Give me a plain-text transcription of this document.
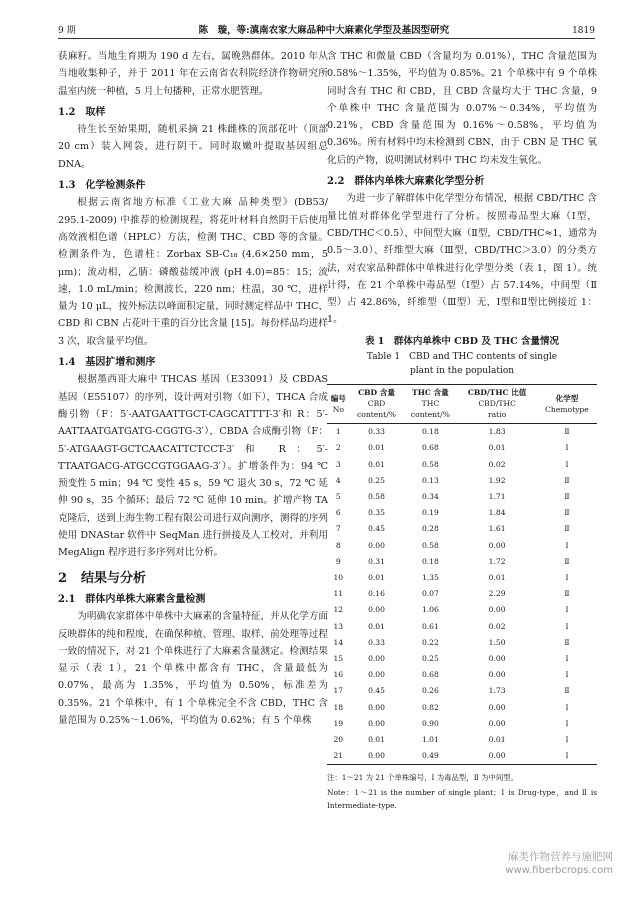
9 期	陈　璇，等:滇南农家大麻品种中大麻素化学型及基因型研究	1819

获麻籽。当地生育期为 190 d 左右，属晚熟群体。2010 年从当地收集种子，并于 2011 年在云南省农科院经济作物研究所温室内统一种植，5 月上旬播种，正常水肥管理。

1.2 取样

待生长至始果期，随机采摘 21 株雌株的顶部花叶（顶部 20 cm）装入网袋，进行阴干。同时取嫩叶提取基因组总 DNA。

1.3 化学检测条件

根据云南省地方标准《工业大麻 品种类型》(DB53/ 295.1-2009) 中推荐的检测规程，将花叶材料自然阴干后使用高效液相色谱（HPLC）方法，检测 THC、CBD 等的含量。检测条件为，色谱柱：Zorbax SB-C₁₈ (4.6×250 mm，5 μm)；流动相，乙腈：磷酸盐缓冲液 (pH 4.0)=85：15；流速，1.0 mL/min；检测波长，220 nm；柱温，30 ℃，进样量为 10 μL，按外标法以峰面积定量，同时测定样品中 THC、CBD 和 CBN 占花叶干重的百分比含量 [15]。每份样品均进样 3 次，取含量平均值。

1.4 基因扩增和测序

根据墨西哥大麻中 THCAS 基因（E33091）及 CBDAS 基因（E55107）的序列，设计两对引物（如下），THCA 合成酶引物（F：5′-AATGAATTGCT-CAGCATTTT-3′和 R：5′-AATTAATGATGATG-CGGTG-3′），CBDA 合成酶引物（F：5′-ATGAAGT-GCTCAACATTCTCCT-3′和 R：5′-TTAATGACG-ATGCCGTGGAAG-3′）。扩增条件为：94 ℃ 预变性 5 min；94 ℃ 变性 45 s，59 ℃ 退火 30 s，72 ℃ 延伸 90 s，35 个循环；最后 72 ℃ 延伸 10 min。扩增产物 TA 克隆后，送到上海生物工程有限公司进行双向测序，测得的序列使用 DNAStar 软件中 SeqMan 进行拼接及人工校对，并利用 MegAlign 程序进行多序列对比分析。

2 结果与分析
2.1 群体内单株大麻素含量检测

为明确农家群体中单株中大麻素的含量特征，并从化学方面反映群体的纯和程度，在确保种植、管理、取样、前处理等过程一致的情况下，对 21 个单株进行了大麻素含量测定。检测结果显示（表 1），21 个单株中都含有 THC，含量最低为 0.07%，最高为 1.35%，平均值为 0.50%，标准差为 0.35%。21 个单株中，有 1 个单株完全不含 CBD，THC 含量范围为 0.25%～1.06%，平均值为 0.62%；有 5 个单株

含 THC 和微量 CBD（含量均为 0.01%），THC 含量范围为 0.58%～1.35%，平均值为 0.85%。21 个单株中有 9 个单株同时含有 THC 和 CBD，且 CBD 含量均大于 THC 含量，9 个单株中 THC 含量范围为 0.07%～0.34%，平均值为 0.21%，CBD 含量范围为 0.16%～0.58%，平均值为 0.36%。所有材料中均未检测到 CBN，由于 CBN 是 THC 氧化后的产物，说明测试材料中 THC 均未发生氧化。

2.2 群体内单株大麻素化学型分析

为进一步了解群体中化学型分布情况，根据 CBD/THC 含量比值对群体化学型进行了分析。按照毒品型大麻（Ⅰ型，CBD/THC＜0.5）、中间型大麻（Ⅱ型，CBD/THC≈1，通常为 0.5～3.0）、纤维型大麻（Ⅲ型，CBD/THC＞3.0）的分类方法，对农家品种群体中单株进行化学型分类（表 1，图 1）。统计得，在 21 个单株中毒品型（Ⅰ型）占 57.14%，中间型（Ⅱ型）占 42.86%，纤维型（Ⅲ型）无，Ⅰ型和Ⅱ型比例接近 1：1。

表 1　群体内单株中 CBD 及 THC 含量情况
Table 1　CBD and THC contents of single
plant in the population
编号
No	CBD 含量
CBD
content/%	THC 含量
THC
content/%	CBD/THC 比值
CBD/THC
ratio	化学型
Chemotype
1	0.33	0.18	1.83	Ⅱ
2	0.01	0.68	0.01	Ⅰ
3	0.01	0.58	0.02	Ⅰ
4	0.25	0.13	1.92	Ⅱ
5	0.58	0.34	1.71	Ⅱ
6	0.35	0.19	1.84	Ⅱ
7	0.45	0.28	1.61	Ⅱ
8	0.00	0.58	0.00	Ⅰ
9	0.31	0.18	1.72	Ⅱ
10	0.01	1.35	0.01	Ⅰ
11	0.16	0.07	2.29	Ⅱ
12	0.00	1.06	0.00	Ⅰ
13	0.01	0.61	0.02	Ⅰ
14	0.33	0.22	1.50	Ⅱ
15	0.00	0.25	0.00	Ⅰ
16	0.00	0.68	0.00	Ⅰ
17	0.45	0.26	1.73	Ⅱ
18	0.00	0.82	0.00	Ⅰ
19	0.00	0.90	0.00	Ⅰ
20	0.01	1.01	0.01	Ⅰ
21	0.00	0.49	0.00	Ⅰ

注：1～21 为 21 个单株编号，Ⅰ 为毒品型，Ⅱ 为中间型。

Note：1～21 is the number of single plant；Ⅰ is Drug-type，and Ⅱ is Intermediate-type.

麻类作物营养与施肥网
www.fiberbcrops.com
